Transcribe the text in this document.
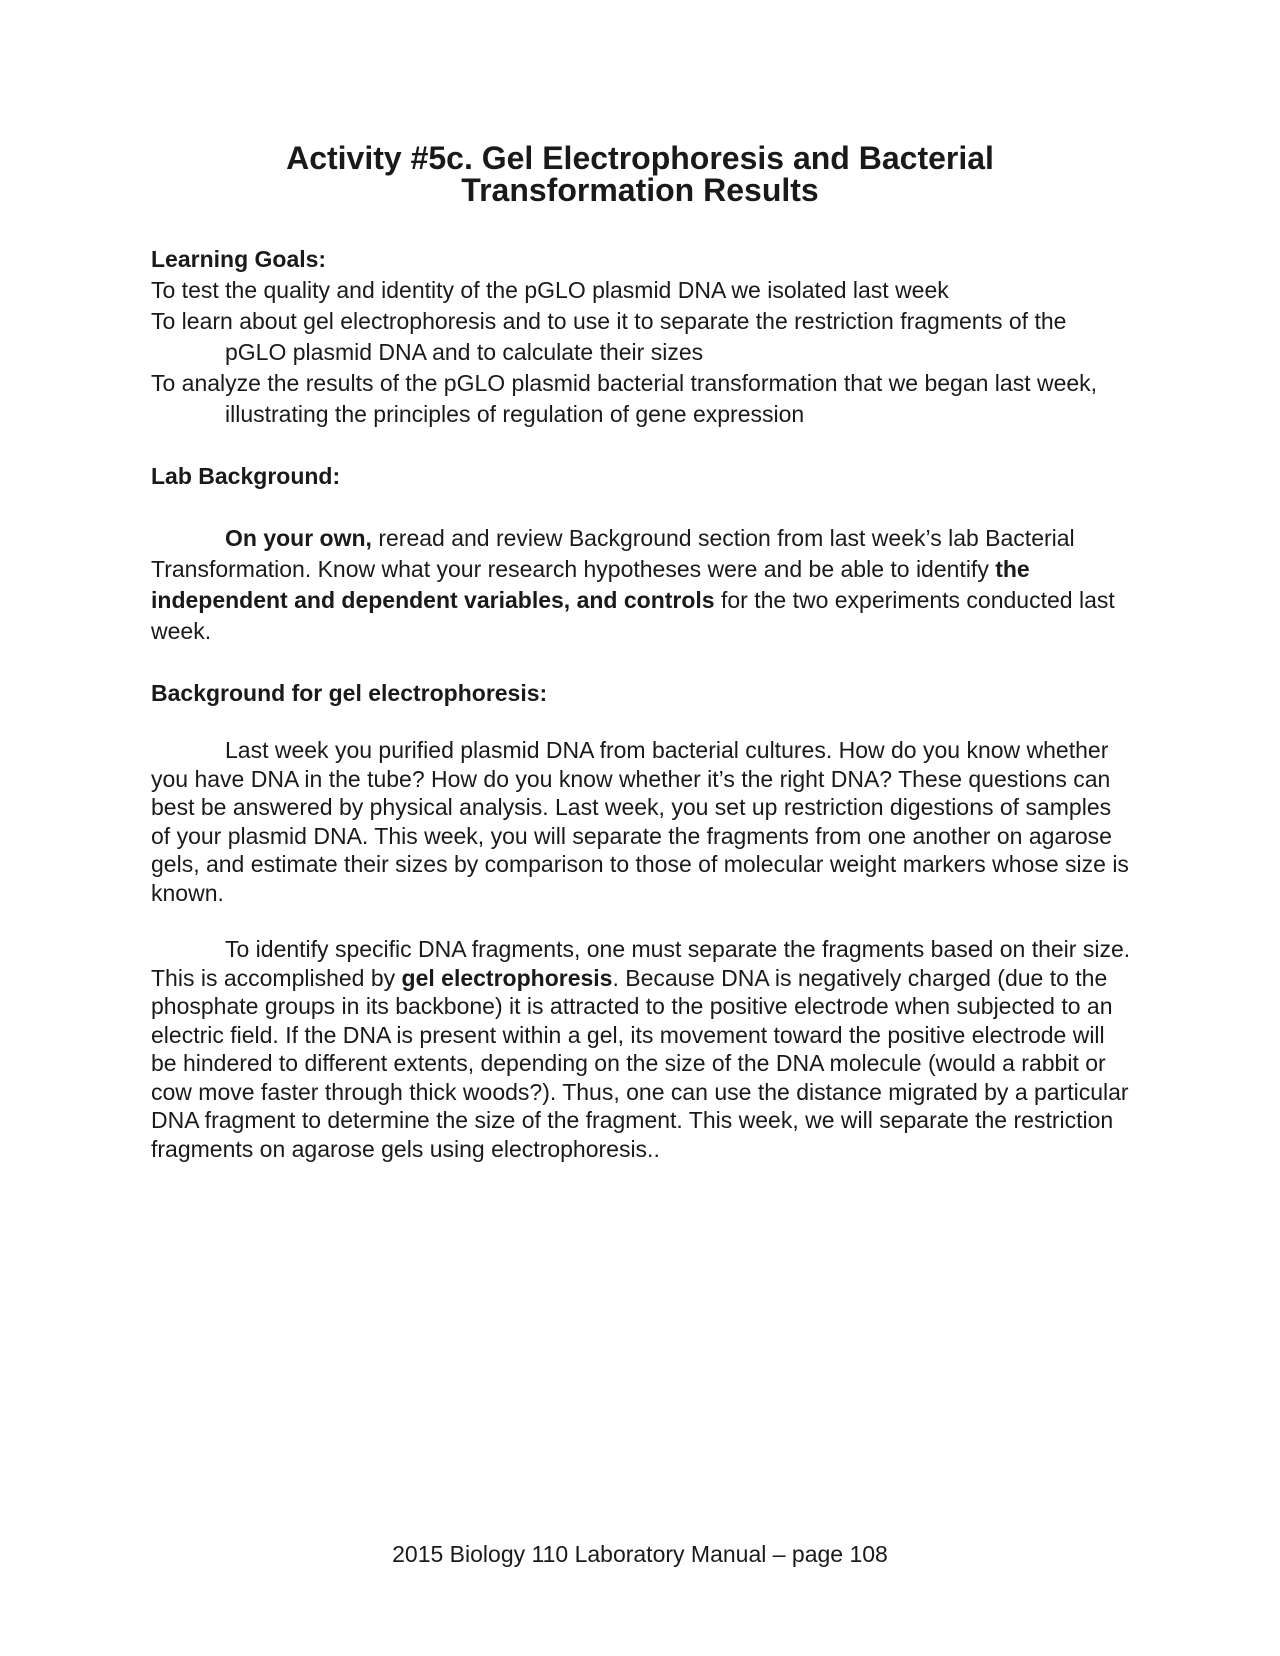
Activity #5c. Gel Electrophoresis and Bacterial
Transformation Results

Learning Goals:

To test the quality and identity of the pGLO plasmid DNA we isolated last week

To learn about gel electrophoresis and to use it to separate the restriction fragments of the pGLO plasmid DNA and to calculate their sizes

To analyze the results of the pGLO plasmid bacterial transformation that we began last week, illustrating the principles of regulation of gene expression

Lab Background:

On your own, reread and review Background section from last week’s lab Bacterial Transformation. Know what your research hypotheses were and be able to identify the independent and dependent variables, and controls for the two experiments conducted last week.

Background for gel electrophoresis:

Last week you purified plasmid DNA from bacterial cultures. How do you know whether you have DNA in the tube? How do you know whether it’s the right DNA? These questions can best be answered by physical analysis. Last week, you set up restriction digestions of samples of your plasmid DNA. This week, you will separate the fragments from one another on agarose gels, and estimate their sizes by comparison to those of molecular weight markers whose size is known.

To identify specific DNA fragments, one must separate the fragments based on their size. This is accomplished by gel electrophoresis. Because DNA is negatively charged (due to the phosphate groups in its backbone) it is attracted to the positive electrode when subjected to an electric field. If the DNA is present within a gel, its movement toward the positive electrode will be hindered to different extents, depending on the size of the DNA molecule (would a rabbit or cow move faster through thick woods?). Thus, one can use the distance migrated by a particular DNA fragment to determine the size of the fragment. This week, we will separate the restriction fragments on agarose gels using electrophoresis..

2015 Biology 110 Laboratory Manual – page 108
